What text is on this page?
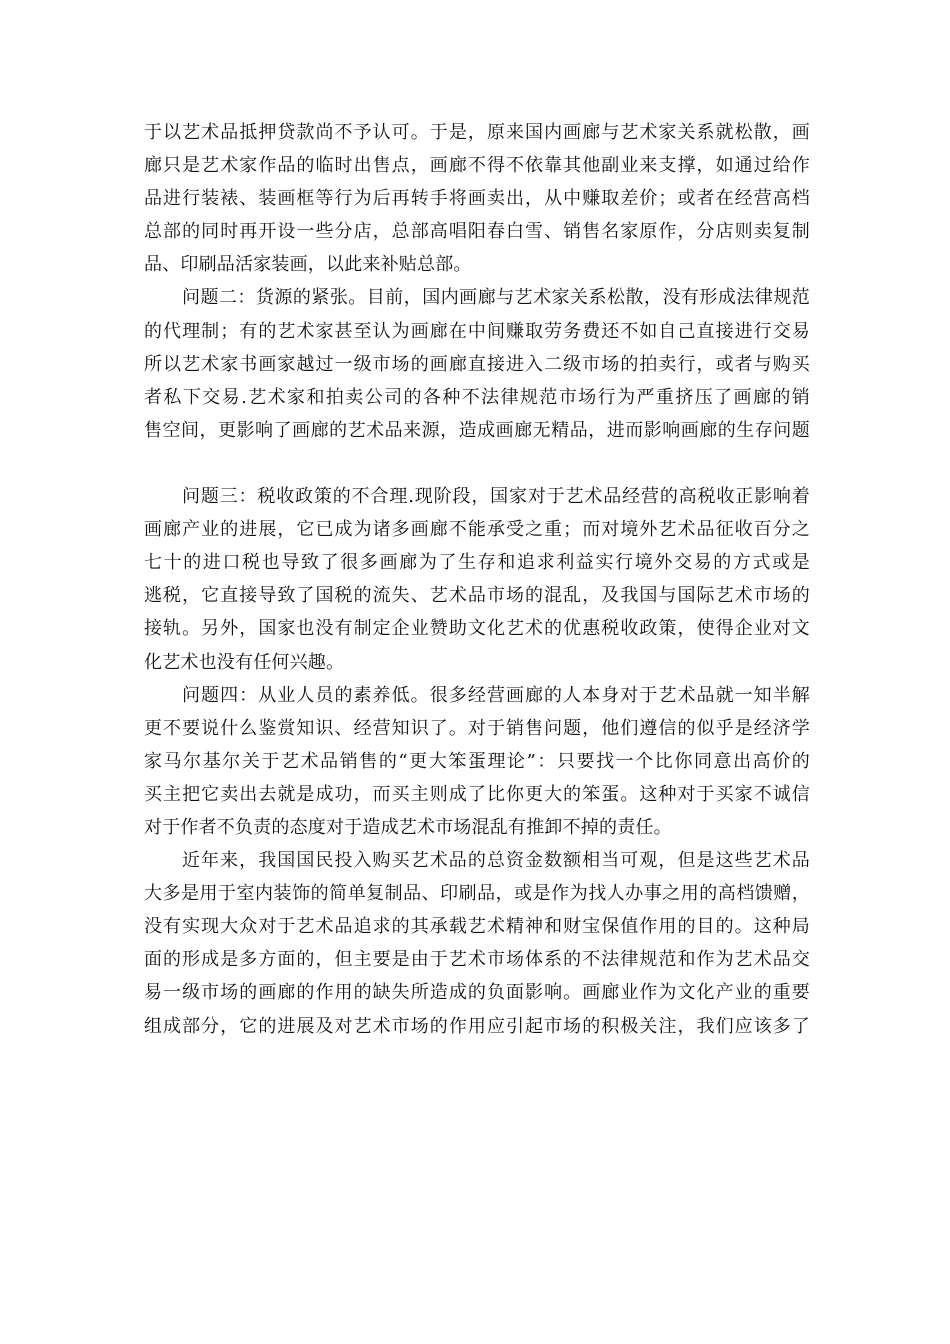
于以艺术品抵押贷款尚不予认可。于是，原来国内画廊与艺术家关系就松散，画
廊只是艺术家作品的临时出售点，画廊不得不依靠其他副业来支撑，如通过给作
品进行装裱、装画框等行为后再转手将画卖出，从中赚取差价；或者在经营高档
总部的同时再开设一些分店，总部高唱阳春白雪、销售名家原作，分店则卖复制
品、印刷品活家装画，以此来补贴总部。
问题二：货源的紧张。目前，国内画廊与艺术家关系松散，没有形成法律规范
的代理制；有的艺术家甚至认为画廊在中间赚取劳务费还不如自己直接进行交易
所以艺术家书画家越过一级市场的画廊直接进入二级市场的拍卖行，或者与购买
者私下交易.艺术家和拍卖公司的各种不法律规范市场行为严重挤压了画廊的销
售空间，更影响了画廊的艺术品来源，造成画廊无精品，进而影响画廊的生存问题
问题三：税收政策的不合理.现阶段，国家对于艺术品经营的高税收正影响着
画廊产业的进展，它已成为诸多画廊不能承受之重；而对境外艺术品征收百分之
七十的进口税也导致了很多画廊为了生存和追求利益实行境外交易的方式或是
逃税，它直接导致了国税的流失、艺术品市场的混乱，及我国与国际艺术市场的
接轨。另外，国家也没有制定企业赞助文化艺术的优惠税收政策，使得企业对文
化艺术也没有任何兴趣。
问题四：从业人员的素养低。很多经营画廊的人本身对于艺术品就一知半解
更不要说什么鉴赏知识、经营知识了。对于销售问题，他们遵信的似乎是经济学
家马尔基尔关于艺术品销售的“更大笨蛋理论”：只要找一个比你同意出高价的
买主把它卖出去就是成功，而买主则成了比你更大的笨蛋。这种对于买家不诚信
对于作者不负责的态度对于造成艺术市场混乱有推卸不掉的责任。
近年来，我国国民投入购买艺术品的总资金数额相当可观，但是这些艺术品
大多是用于室内装饰的简单复制品、印刷品，或是作为找人办事之用的高档馈赠，
没有实现大众对于艺术品追求的其承载艺术精神和财宝保值作用的目的。这种局
面的形成是多方面的，但主要是由于艺术市场体系的不法律规范和作为艺术品交
易一级市场的画廊的作用的缺失所造成的负面影响。画廊业作为文化产业的重要
组成部分，它的进展及对艺术市场的作用应引起市场的积极关注，我们应该多了
